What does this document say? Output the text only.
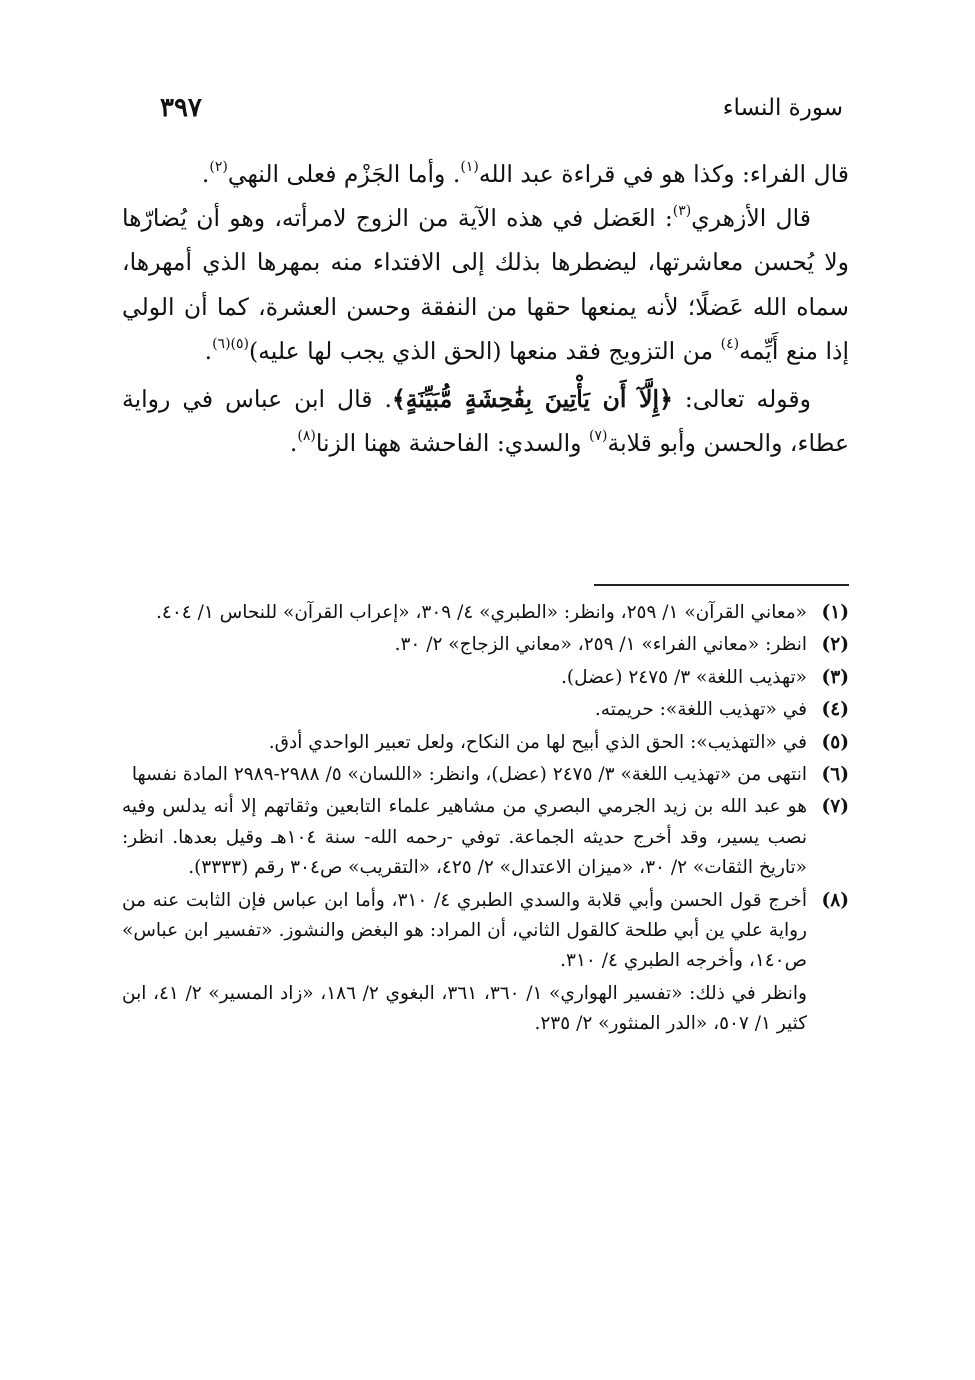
سورة النساء
٣٩٧

قال الفراء: وكذا هو في قراءة عبد الله$^{(١)}$. وأما الجَزْم فعلى النهي$^{(٢)}$.

قال الأزهري$^{(٣)}$: العَضل في هذه الآية من الزوج لامرأته، وهو أن يُضارّها ولا يُحسن معاشرتها، ليضطرها بذلك إلى الافتداء منه بمهرها الذي أمهرها، سماه الله عَضلًا؛ لأنه يمنعها حقها من النفقة وحسن العشرة، كما أن الولي إذا منع أَيِّمه$^{(٤)}$ من التزويج فقد منعها (الحق الذي يجب لها عليه)$^{(٥)(٦)}$.

وقوله تعالى: ﴿إِلَّآ أَن يَأْتِينَ بِفَٰحِشَةٍ مُّبَيِّنَةٍ﴾. قال ابن عباس في رواية عطاء، والحسن وأبو قلابة$^{(٧)}$ والسدي: الفاحشة ههنا الزنا$^{(٨)}$.

(١)
«معاني القرآن» ١/ ٢٥٩، وانظر: «الطبري» ٤/ ٣٠٩، «إعراب القرآن» للنحاس ١/ ٤٠٤.
(٢)
انظر: «معاني الفراء» ١/ ٢٥٩، «معاني الزجاج» ٢/ ٣٠.
(٣)
«تهذيب اللغة» ٣/ ٢٤٧٥ (عضل).
(٤)
في «تهذيب اللغة»: حريمته.
(٥)
في «التهذيب»: الحق الذي أبيح لها من النكاح، ولعل تعبير الواحدي أدق.
(٦)
انتهى من «تهذيب اللغة» ٣/ ٢٤٧٥ (عضل)، وانظر: «اللسان» ٥/ ٢٩٨٨-٢٩٨٩ المادة نفسها
(٧)
هو عبد الله بن زيد الجرمي البصري من مشاهير علماء التابعين وثقاتهم إلا أنه يدلس وفيه نصب يسير، وقد أخرج حديثه الجماعة. توفي -رحمه الله- سنة ١٠٤هـ وقيل بعدها. انظر: «تاريخ الثقات» ٢/ ٣٠، «ميزان الاعتدال» ٢/ ٤٢٥، «التقريب» ص٣٠٤ رقم (٣٣٣٣).
(٨)
أخرج قول الحسن وأبي قلابة والسدي الطبري ٤/ ٣١٠، وأما ابن عباس فإن الثابت عنه من رواية علي ين أبي طلحة كالقول الثاني، أن المراد: هو البغض والنشوز. «تفسير ابن عباس» ص١٤٠، وأخرجه الطبري ٤/ ٣١٠.
وانظر في ذلك: «تفسير الهواري» ١/ ٣٦٠، ٣٦١، البغوي ٢/ ١٨٦، «زاد المسير» ٢/ ٤١، ابن كثير ١/ ٥٠٧، «الدر المنثور» ٢/ ٢٣٥.
